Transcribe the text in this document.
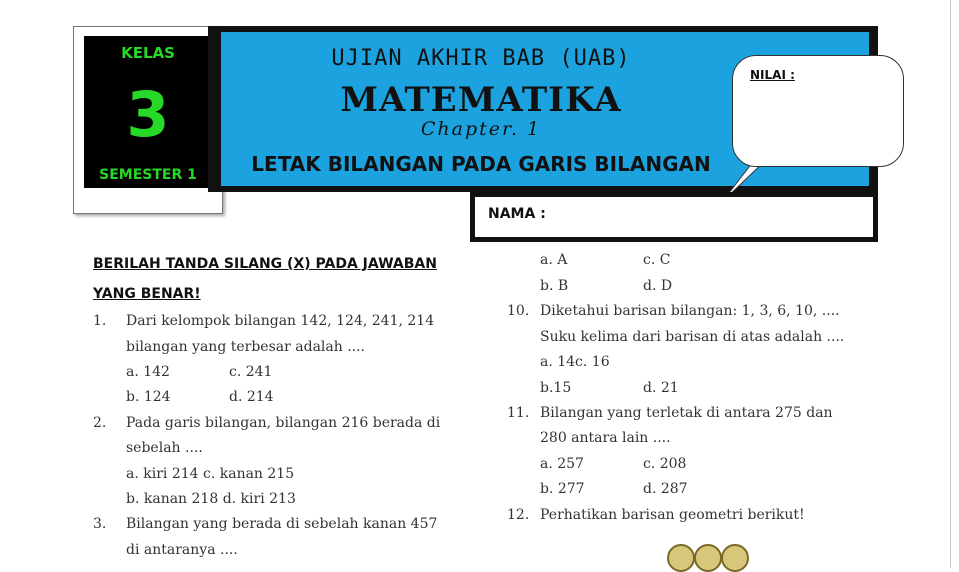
KELAS
3
SEMESTER 1
UJIAN AKHIR BAB (UAB)
MATEMATIKA
Chapter. 1
LETAK BILANGAN PADA GARIS BILANGAN
NILAI :
NAMA :
BERILAH TANDA SILANG (X) PADA JAWABAN
YANG BENAR!
1. Dari kelompok bilangan 142, 124, 241, 214
bilangan yang terbesar adalah ....
a. 142	c. 241
b. 124	d. 214
2. Pada garis bilangan, bilangan 216 berada di
sebelah ....
a. kiri 214 c. kanan 215
b. kanan 218 d. kiri 213
3. Bilangan yang berada di sebelah kanan 457
di antaranya ....
a. A	c. C
b. B	d. D
10. Diketahui barisan bilangan: 1, 3, 6, 10, ....
Suku kelima dari barisan di atas adalah ....
a. 14c. 16
b.15	d. 21
11. Bilangan yang terletak di antara 275 dan
280 antara lain ....
a. 257	c. 208
b. 277	d. 287
12. Perhatikan barisan geometri berikut!
